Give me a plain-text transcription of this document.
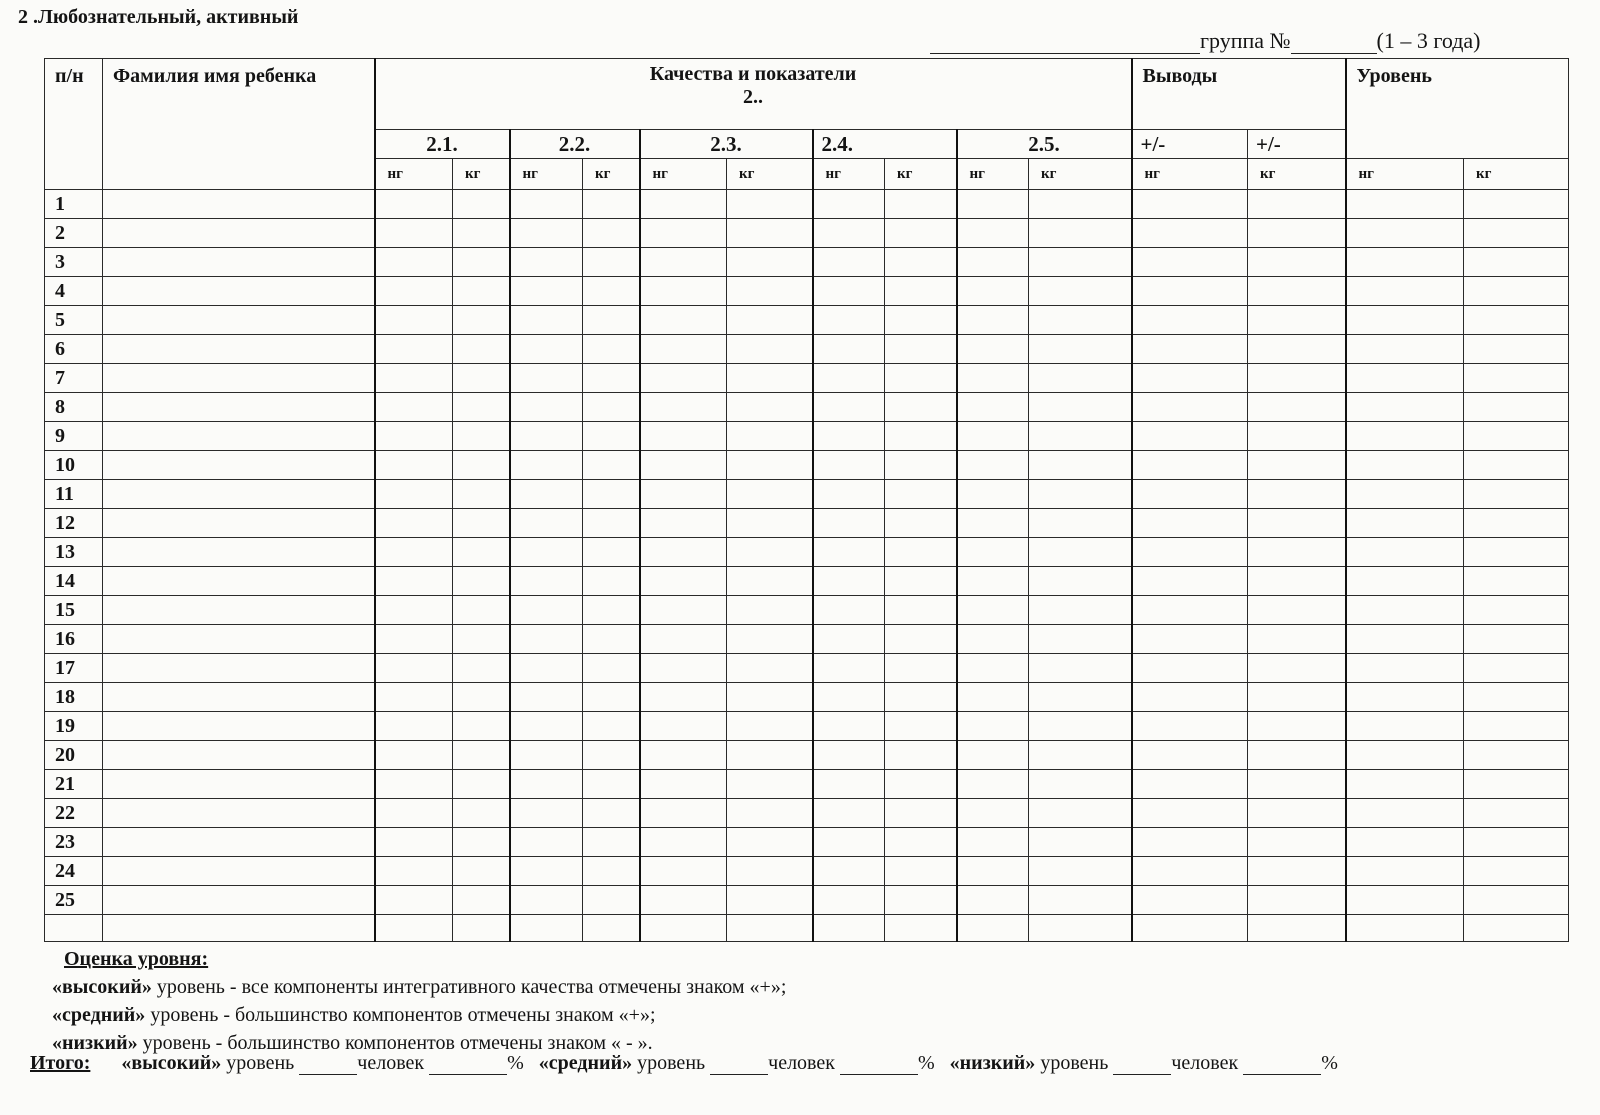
2 .Любознательный, активный
группа №	(1 – 3 года)
п/н	Фамилия имя ребенка	Качества и показатели
2..										Выводы		Уровень	

		2.1.		2.2.		2.3.		2.4.		2.5.		+/-	+/-		
		нг	кг	нг	кг	нг	кг	нг	кг	нг	кг	нг	кг	нг	кг
1															
2															
3															
4															
5															
6															
7															
8															
9															
10															
11															
12															
13															
14															
15															
16															
17															
18															
19															
20															
21															
22															
23															
24															
25															

Оценка уровня:
«высокий» уровень - все компоненты интегративного качества отмечены знаком «+»;
«средний» уровень - большинство компонентов отмечены знаком «+»;
«низкий» уровень - большинство компонентов отмечены знаком « - ».
Итого: «высокий» уровень	человек	% «средний» уровень	человек	% «низкий» уровень	человек	%
